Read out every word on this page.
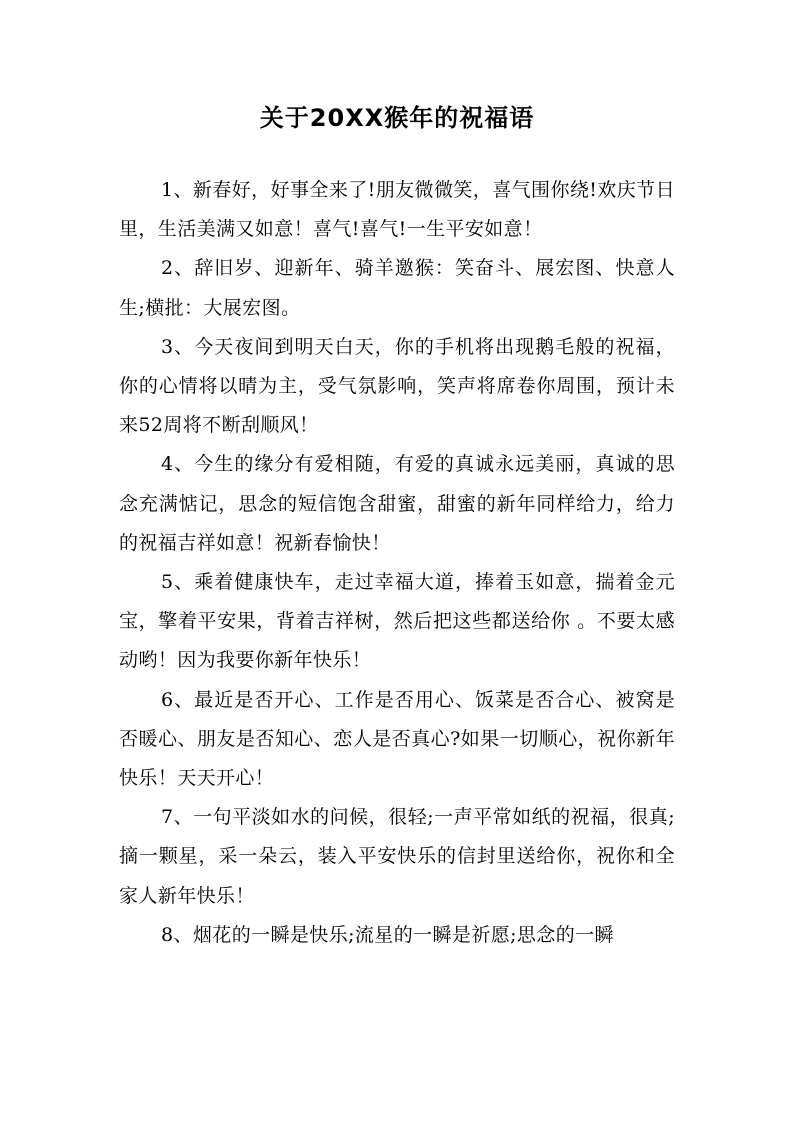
关于20XX猴年的祝福语

1、新春好，好事全来了!朋友微微笑，喜气围你绕!欢庆节日里，生活美满又如意！喜气!喜气!一生平安如意！

2、辞旧岁、迎新年、骑羊邀猴：笑奋斗、展宏图、快意人生;横批：大展宏图。

3、今天夜间到明天白天，你的手机将出现鹅毛般的祝福，你的心情将以晴为主，受气氛影响，笑声将席卷你周围，预计未来52周将不断刮顺风！

4、今生的缘分有爱相随，有爱的真诚永远美丽，真诚的思念充满惦记，思念的短信饱含甜蜜，甜蜜的新年同样给力，给力的祝福吉祥如意！祝新春愉快！

5、乘着健康快车，走过幸福大道，捧着玉如意，揣着金元宝，擎着平安果，背着吉祥树，然后把这些都送给你 。不要太感动哟！因为我要你新年快乐！

6、最近是否开心、工作是否用心、饭菜是否合心、被窝是否暖心、朋友是否知心、恋人是否真心?如果一切顺心，祝你新年快乐！天天开心！

7、一句平淡如水的问候，很轻;一声平常如纸的祝福，很真;摘一颗星，采一朵云，装入平安快乐的信封里送给你，祝你和全家人新年快乐！

8、烟花的一瞬是快乐;流星的一瞬是祈愿;思念的一瞬
